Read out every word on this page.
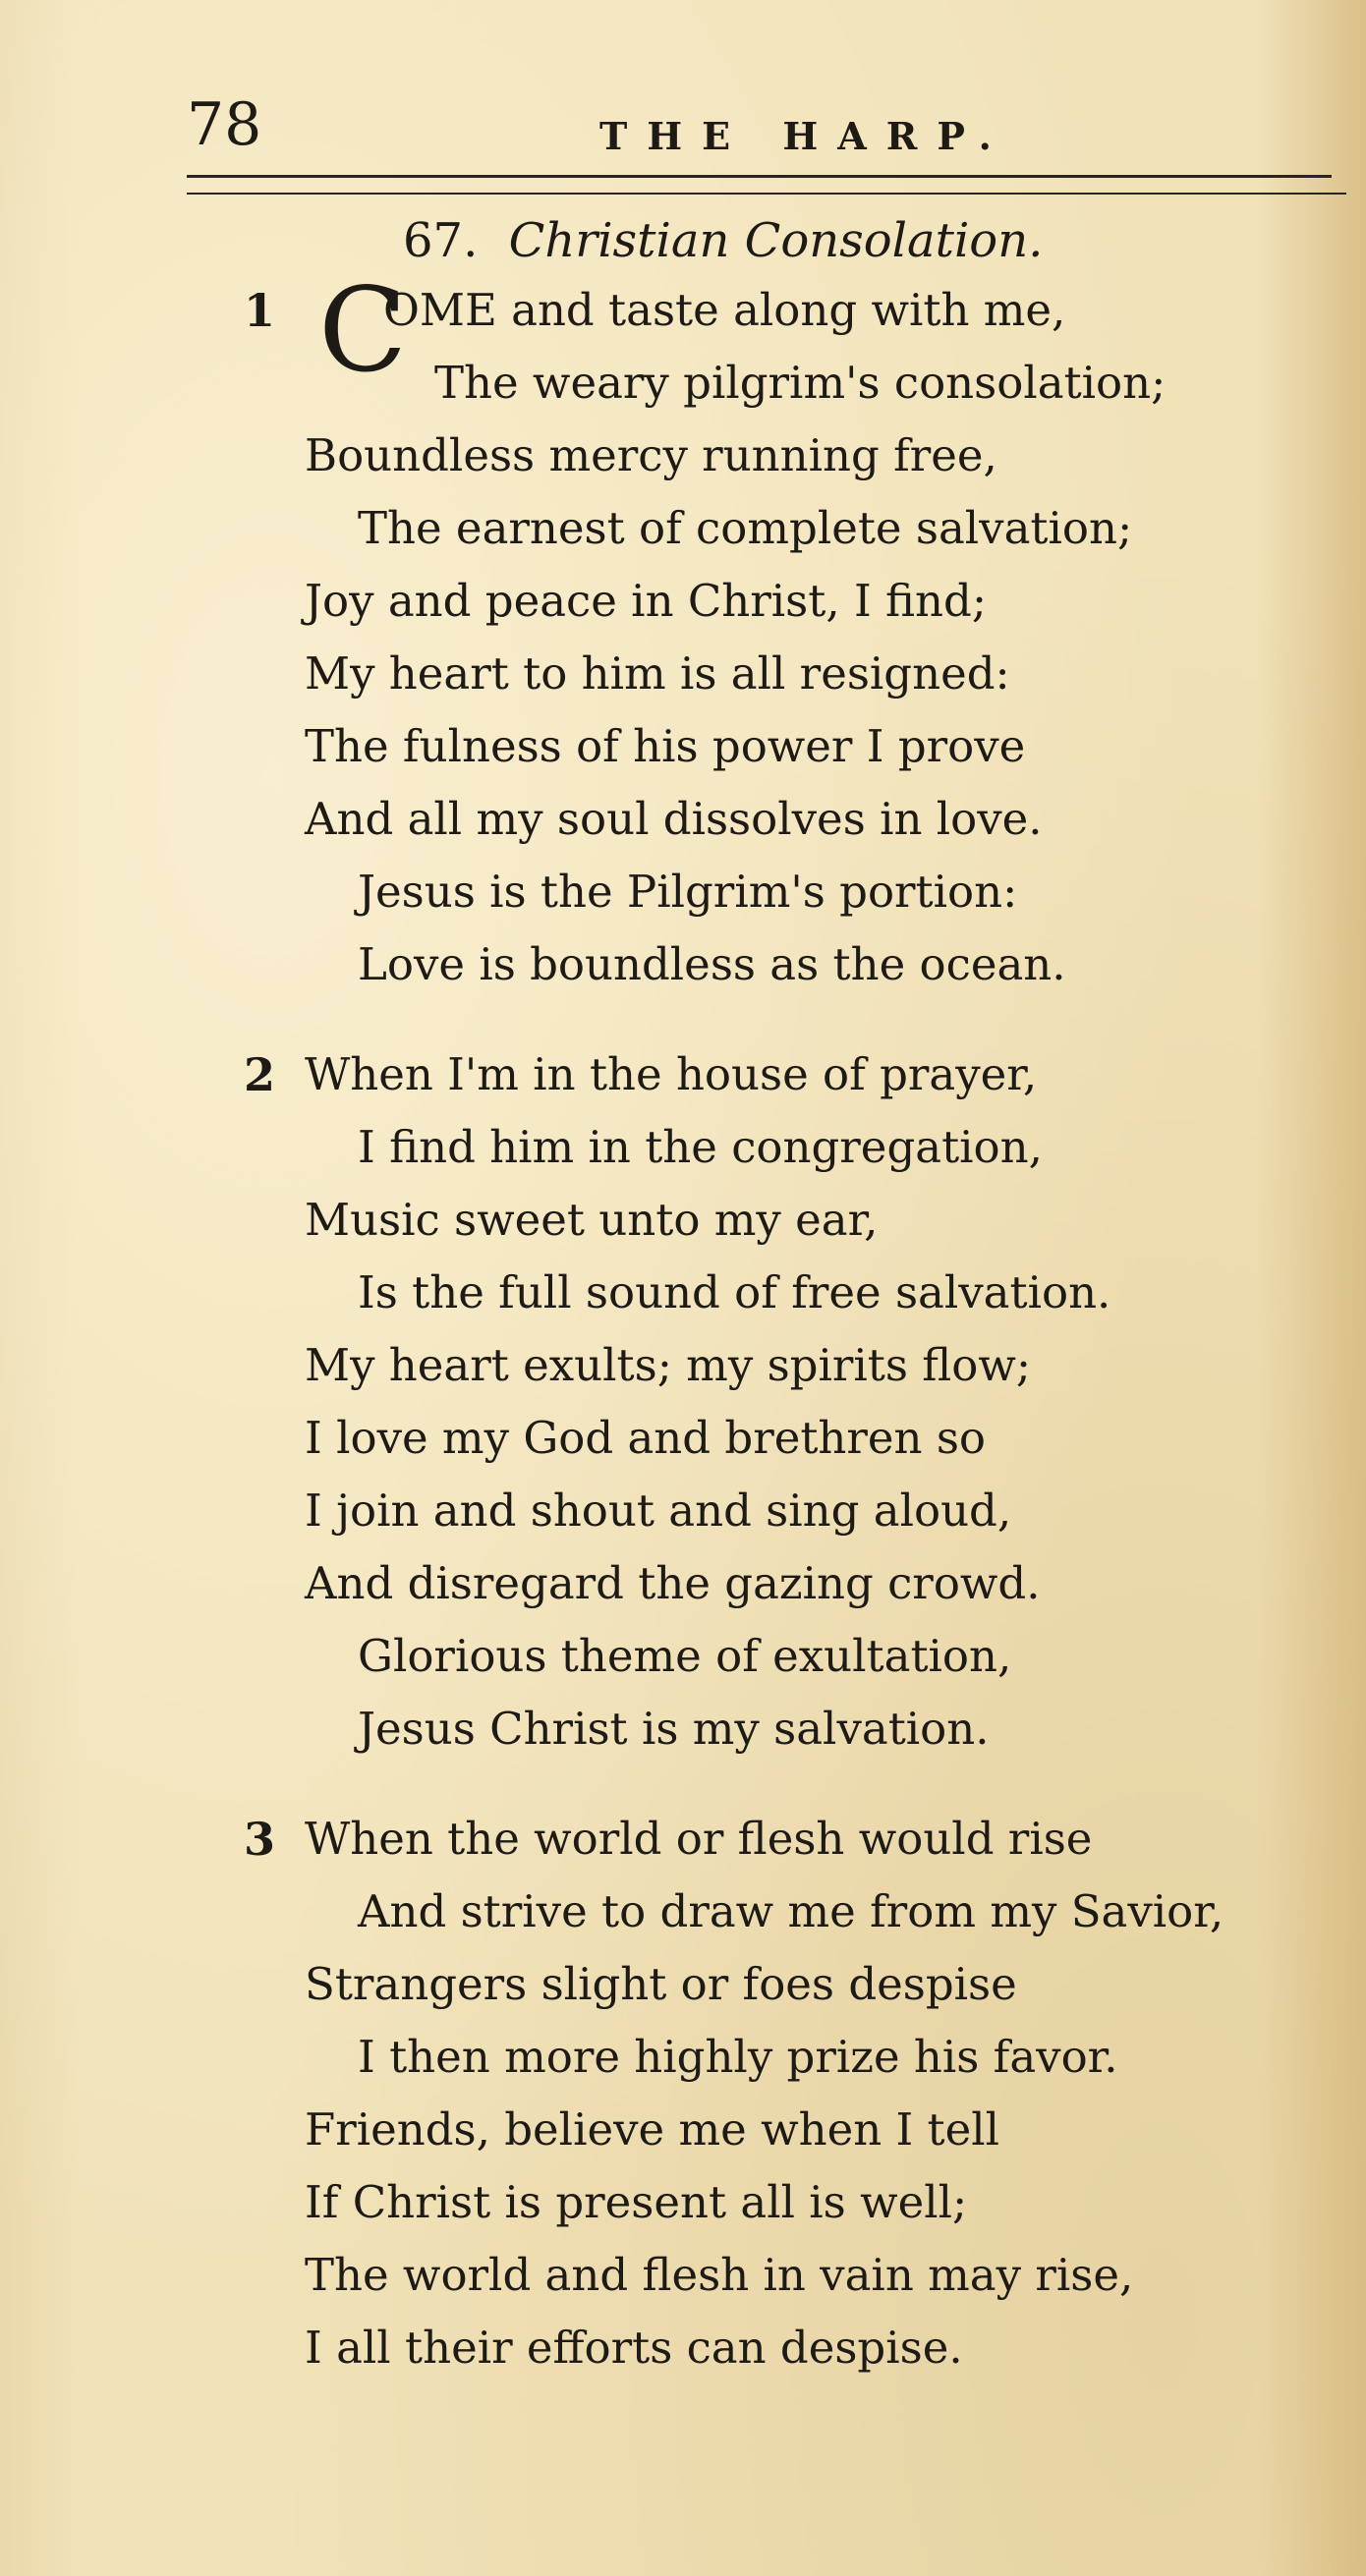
78	THE HARP.
67. Christian Consolation.
1 C
OME and taste along with me,
The weary pilgrim's consolation;
Boundless mercy running free,
The earnest of complete salvation;
Joy and peace in Christ, I find;
My heart to him is all resigned:
The fulness of his power I prove
And all my soul dissolves in love.
Jesus is the Pilgrim's portion:
Love is boundless as the ocean.
2 When I'm in the house of prayer,
I find him in the congregation,
Music sweet unto my ear,
Is the full sound of free salvation.
My heart exults; my spirits flow;
I love my God and brethren so
I join and shout and sing aloud,
And disregard the gazing crowd.
Glorious theme of exultation,
Jesus Christ is my salvation.
3 When the world or flesh would rise
And strive to draw me from my Savior,
Strangers slight or foes despise
I then more highly prize his favor.
Friends, believe me when I tell
If Christ is present all is well;
The world and flesh in vain may rise,
I all their efforts can despise.
